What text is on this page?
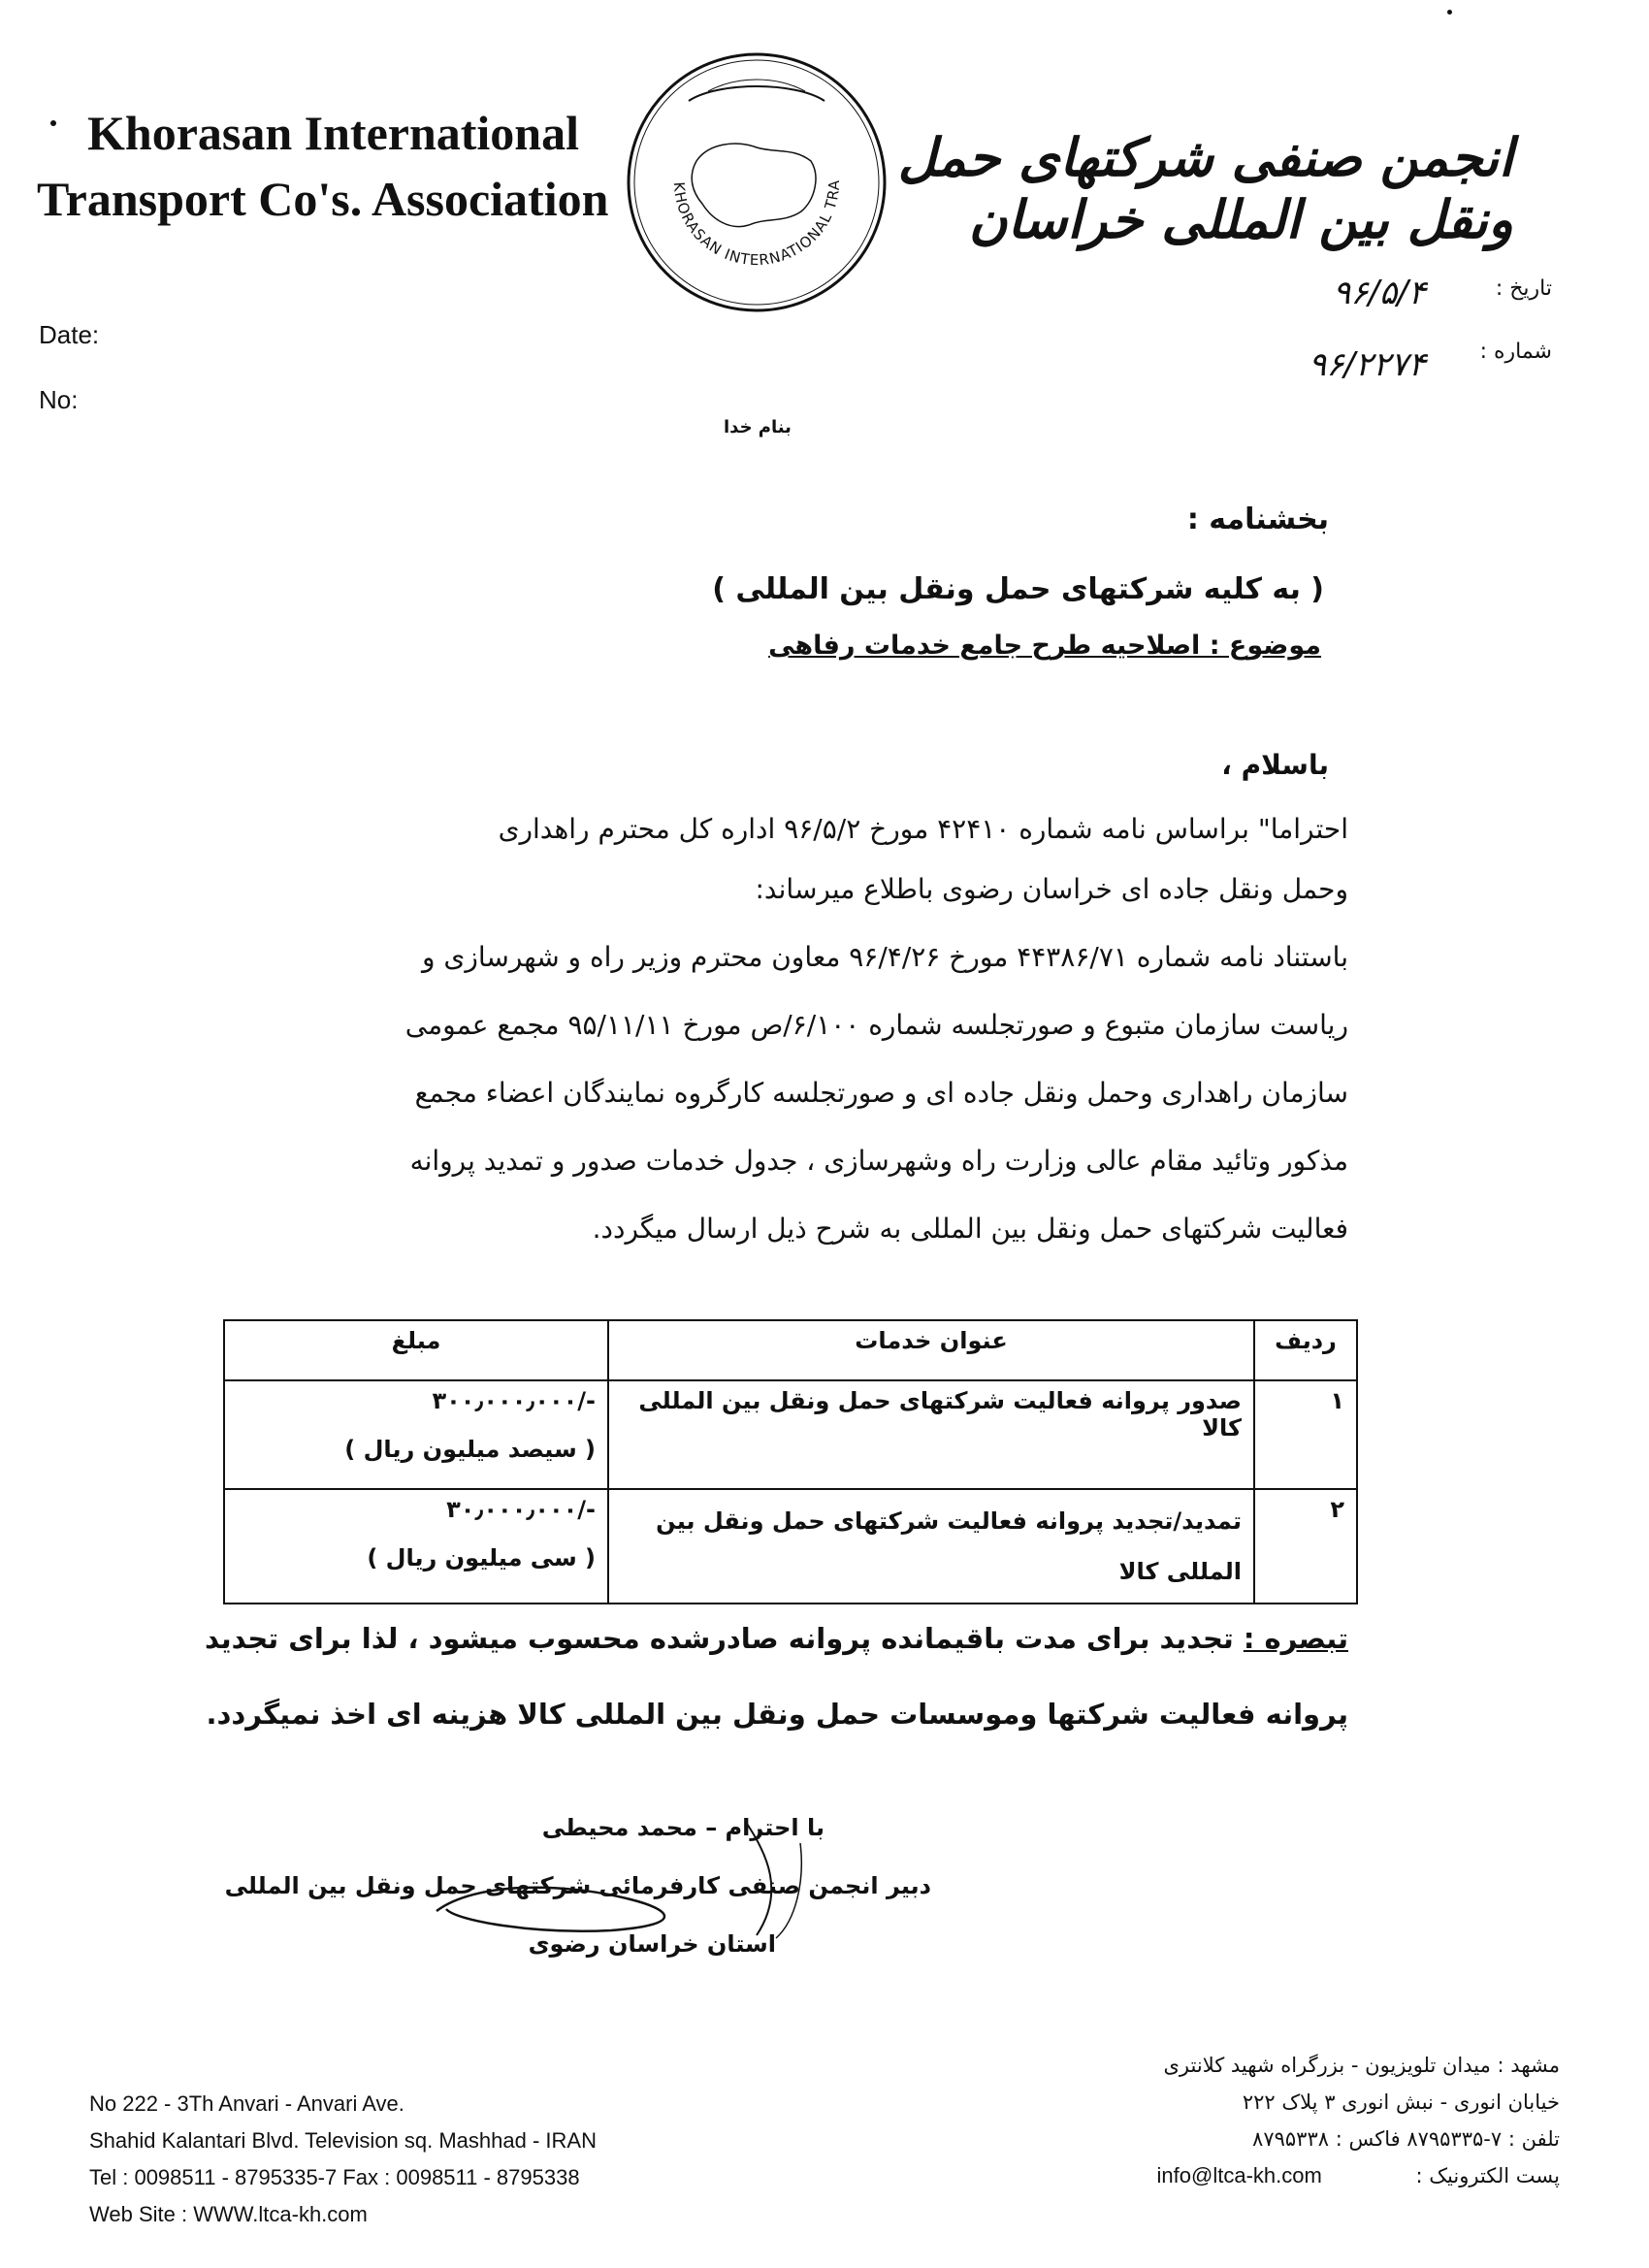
Khorasan International
Transport Co's. Association	KHORASAN INTERNATIONAL TRA	انجمن صنفی شرکتهای حمل ونقل بین المللی خراسان
Date:
No:
تاریخ :
شماره :
۹۶/۵/۴
۹۶/۲۲۷۴
بنام خدا
بخشنامه :
( به کلیه شرکتهای حمل ونقل بین المللی )
موضوع : اصلاحیه طرح جامع خدمات رفاهی
باسلام ،
احتراما" براساس نامه شماره ۴۲۴۱۰ مورخ ۹۶/۵/۲ اداره کل محترم راهداری
وحمل ونقل جاده ای خراسان رضوی باطلاع میرساند:
باستناد نامه شماره ۴۴۳۸۶/۷۱ مورخ ۹۶/۴/۲۶ معاون محترم وزیر راه و شهرسازی و
ریاست سازمان متبوع و صورتجلسه شماره ۶/۱۰۰/ص مورخ ۹۵/۱۱/۱۱ مجمع عمومی
سازمان راهداری وحمل ونقل جاده ای و صورتجلسه کارگروه نمایندگان اعضاء مجمع
مذکور وتائید مقام عالی وزارت راه وشهرسازی ، جدول خدمات صدور و تمدید پروانه
فعالیت شرکتهای حمل ونقل بین المللی به شرح ذیل ارسال میگردد.
ردیف	عنوان خدمات	مبلغ
۱	صدور پروانه فعالیت شرکتهای حمل ونقل بین المللی کالا	-/۳۰۰٫۰۰۰٫۰۰۰
( سیصد میلیون ریال )

۲	تمدید/تجدید پروانه فعالیت شرکتهای حمل ونقل بین المللی کالا	-/۳۰٫۰۰۰٫۰۰۰
( سی میلیون ریال )
تبصره : تجدید برای مدت باقیمانده پروانه صادرشده محسوب میشود ، لذا برای تجدید
پروانه فعالیت شرکتها وموسسات حمل ونقل بین المللی کالا هزینه ای اخذ نمیگردد.
با احترام – محمد محیطی
دبیر انجمن صنفی کارفرمائی شرکتهای حمل ونقل بین المللی
استان خراسان رضوی
No 222 - 3Th Anvari - Anvari Ave.
Shahid Kalantari Blvd. Television sq. Mashhad - IRAN
Tel : 0098511 - 8795335-7 Fax : 0098511 - 8795338
Web Site : WWW.ltca-kh.com
مشهد : میدان تلویزیون - بزرگراه شهید کلانتری
خیابان انوری - نبش انوری ۳ پلاک ۲۲۲
تلفن : ۷-۸۷۹۵۳۳۵ فاکس : ۸۷۹۵۳۳۸
پست الکترونیک : info@ltca-kh.com
